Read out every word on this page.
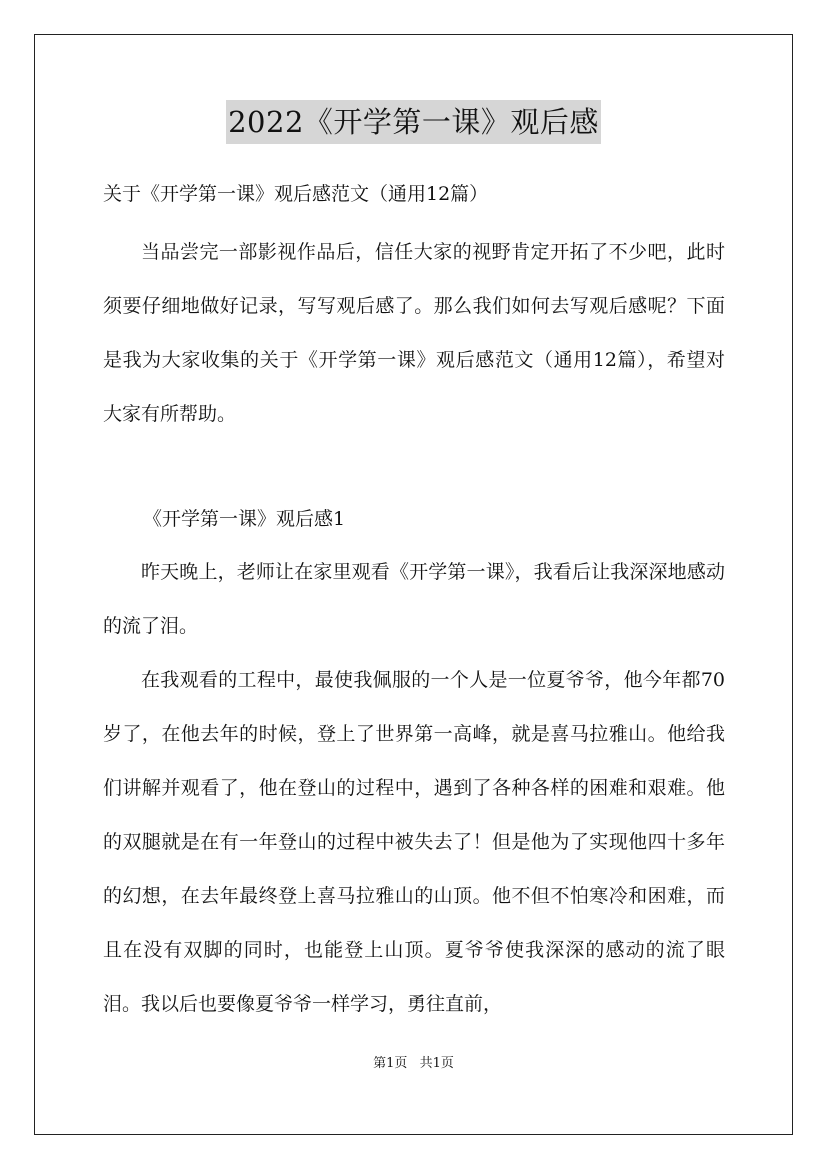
2022《开学第一课》观后感

关于《开学第一课》观后感范文（通用12篇）

当品尝完一部影视作品后，信任大家的视野肯定开拓了不少吧，此时须要仔细地做好记录，写写观后感了。那么我们如何去写观后感呢？下面是我为大家收集的关于《开学第一课》观后感范文（通用12篇），希望对大家有所帮助。

《开学第一课》观后感1

昨天晚上，老师让在家里观看《开学第一课》，我看后让我深深地感动的流了泪。

在我观看的工程中，最使我佩服的一个人是一位夏爷爷，他今年都70岁了，在他去年的时候，登上了世界第一高峰，就是喜马拉雅山。他给我们讲解并观看了，他在登山的过程中，遇到了各种各样的困难和艰难。他的双腿就是在有一年登山的过程中被失去了！但是他为了实现他四十多年的幻想，在去年最终登上喜马拉雅山的山顶。他不但不怕寒冷和困难，而且在没有双脚的同时，也能登上山顶。夏爷爷使我深深的感动的流了眼泪。我以后也要像夏爷爷一样学习，勇往直前，

第1页 共1页
